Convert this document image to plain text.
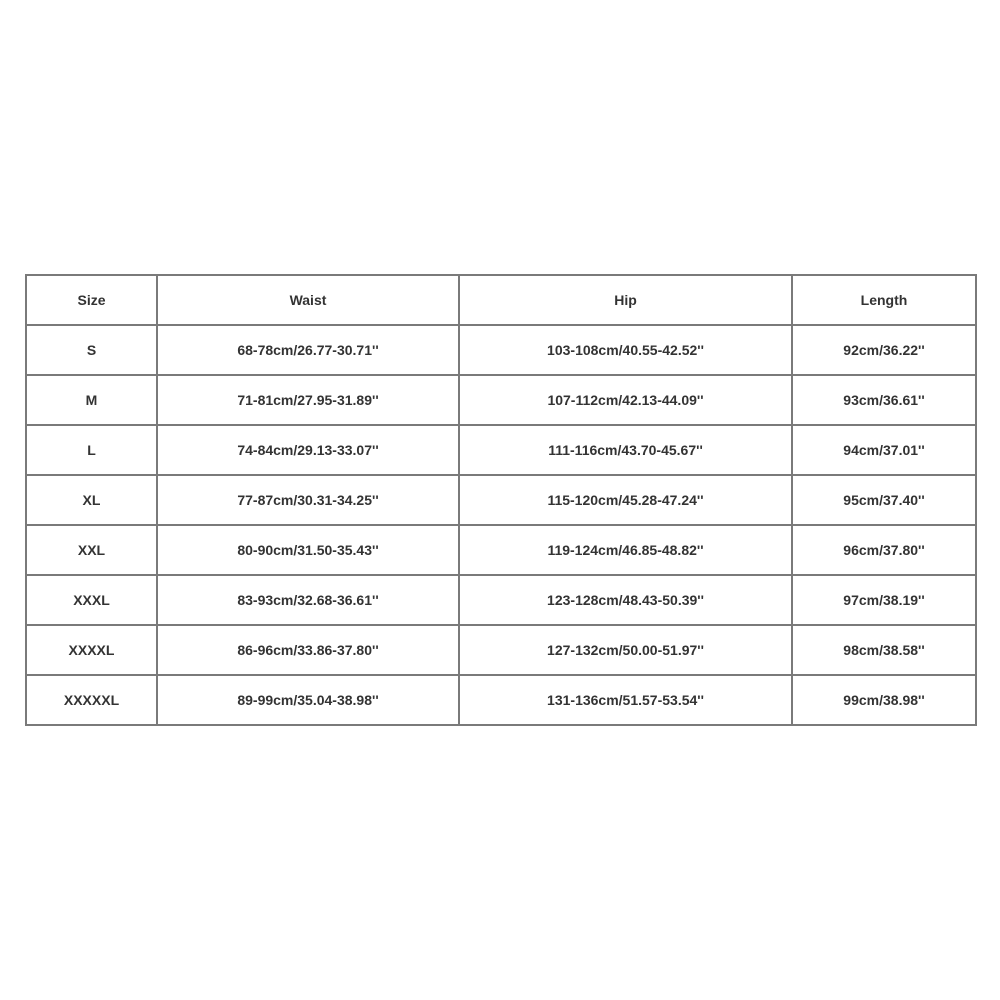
Size	Waist	Hip	Length
S	68-78cm/26.77-30.71''	103-108cm/40.55-42.52''	92cm/36.22''
M	71-81cm/27.95-31.89''	107-112cm/42.13-44.09''	93cm/36.61''
L	74-84cm/29.13-33.07''	111-116cm/43.70-45.67''	94cm/37.01''
XL	77-87cm/30.31-34.25''	115-120cm/45.28-47.24''	95cm/37.40''
XXL	80-90cm/31.50-35.43''	119-124cm/46.85-48.82''	96cm/37.80''
XXXL	83-93cm/32.68-36.61''	123-128cm/48.43-50.39''	97cm/38.19''
XXXXL	86-96cm/33.86-37.80''	127-132cm/50.00-51.97''	98cm/38.58''
XXXXXL	89-99cm/35.04-38.98''	131-136cm/51.57-53.54''	99cm/38.98''
